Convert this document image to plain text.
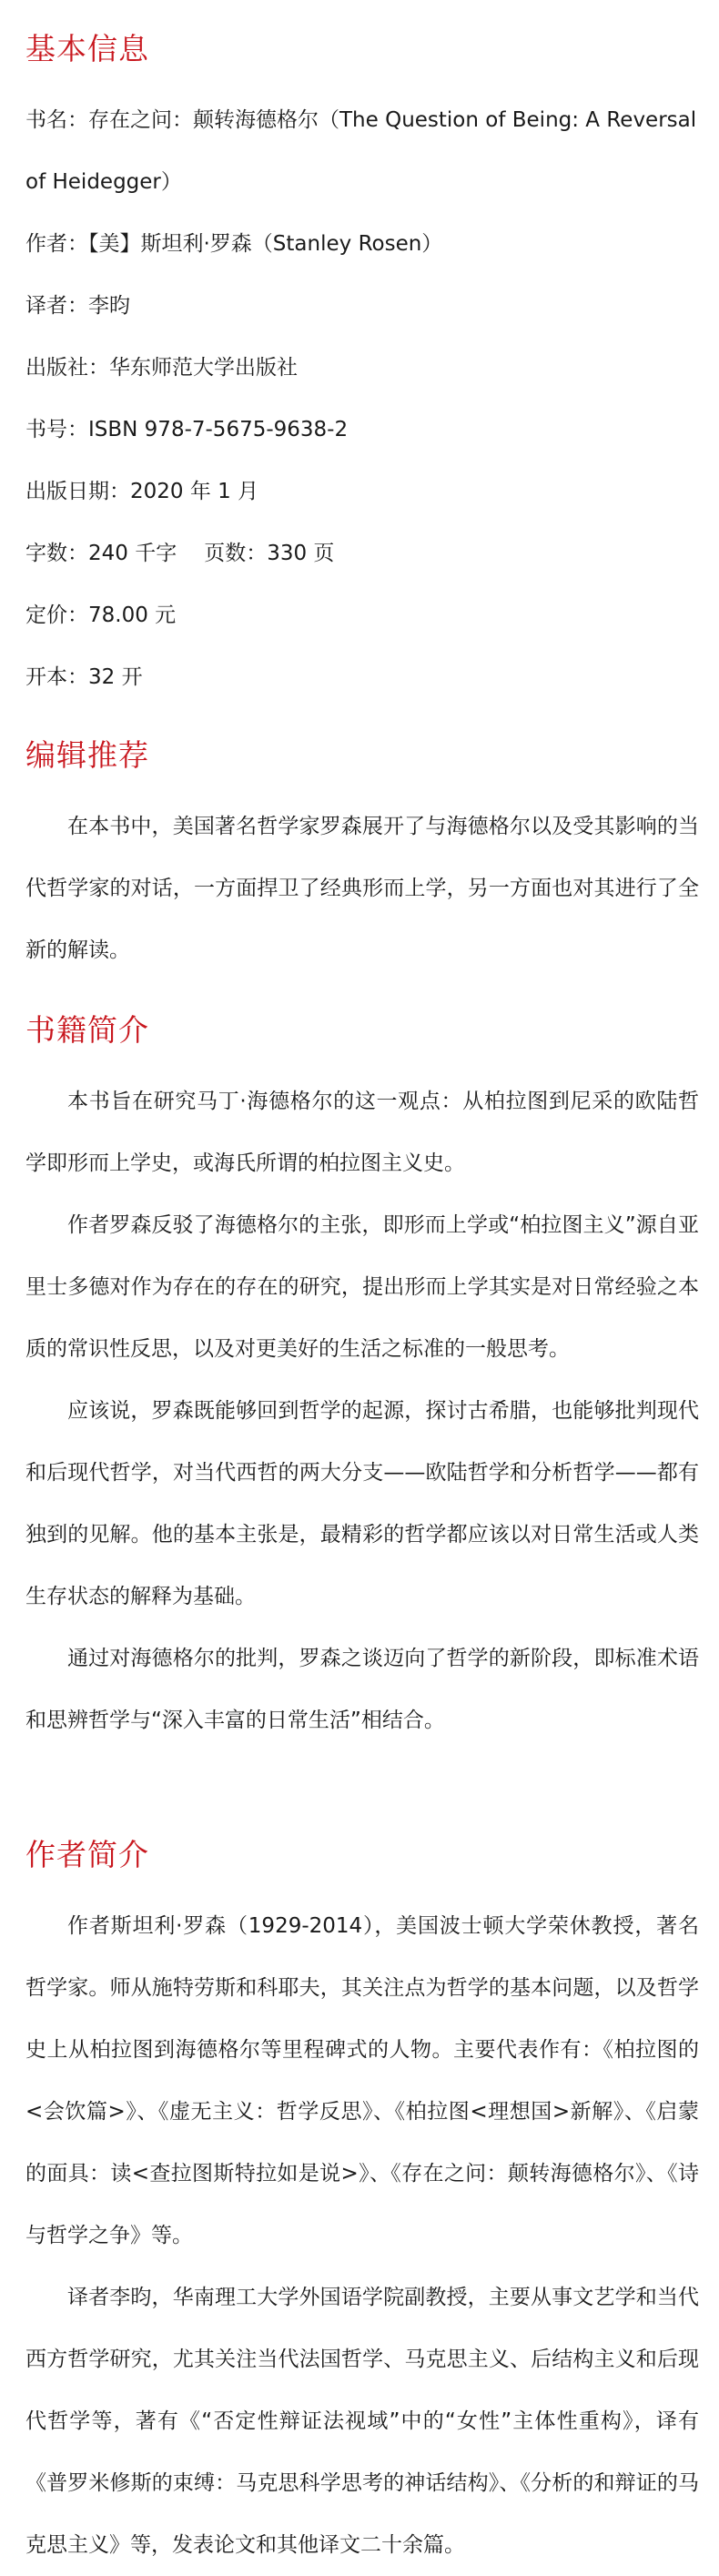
基本信息

书名：存在之问：颠转海德格尔（The Question of Being: A Reversal of Heidegger）

作者：【美】斯坦利·罗森（Stanley Rosen）

译者：李昀

出版社：华东师范大学出版社

书号：ISBN 978-7-5675-9638-2

出版日期：2020 年 1 月

字数：240 千字 页数：330 页

定价：78.00 元

开本：32 开

编辑推荐

在本书中，美国著名哲学家罗森展开了与海德格尔以及受其影响的当代哲学家的对话，一方面捍卫了经典形而上学，另一方面也对其进行了全新的解读。

书籍简介

本书旨在研究马丁·海德格尔的这一观点：从柏拉图到尼采的欧陆哲学即形而上学史，或海氏所谓的柏拉图主义史。

作者罗森反驳了海德格尔的主张，即形而上学或“柏拉图主义”源自亚里士多德对作为存在的存在的研究，提出形而上学其实是对日常经验之本质的常识性反思，以及对更美好的生活之标准的一般思考。

应该说，罗森既能够回到哲学的起源，探讨古希腊，也能够批判现代和后现代哲学，对当代西哲的两大分支——欧陆哲学和分析哲学——都有独到的见解。他的基本主张是，最精彩的哲学都应该以对日常生活或人类生存状态的解释为基础。

通过对海德格尔的批判，罗森之谈迈向了哲学的新阶段，即标准术语和思辨哲学与“深入丰富的日常生活”相结合。

作者简介

作者斯坦利·罗森（1929-2014），美国波士顿大学荣休教授，著名哲学家。师从施特劳斯和科耶夫，其关注点为哲学的基本问题，以及哲学史上从柏拉图到海德格尔等里程碑式的人物。主要代表作有：《柏拉图的<会饮篇>》、《虚无主义：哲学反思》、《柏拉图<理想国>新解》、《启蒙的面具：读<查拉图斯特拉如是说>》、《存在之问：颠转海德格尔》、《诗与哲学之争》等。

译者李昀，华南理工大学外国语学院副教授，主要从事文艺学和当代西方哲学研究，尤其关注当代法国哲学、马克思主义、后结构主义和后现代哲学等，著有《“否定性辩证法视域”中的“女性”主体性重构》，译有《普罗米修斯的束缚：马克思科学思考的神话结构》、《分析的和辩证的马克思主义》等，发表论文和其他译文二十余篇。
